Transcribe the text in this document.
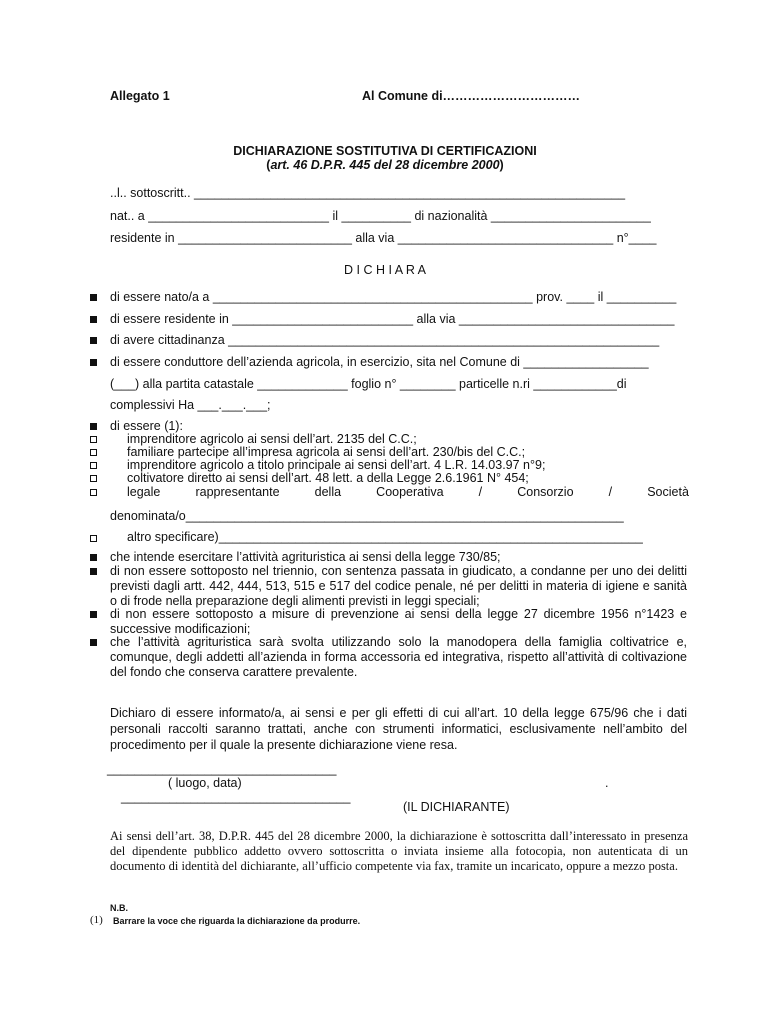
Allegato 1	Al Comune di……………………………
DICHIARAZIONE SOSTITUTIVA DI CERTIFICAZIONI
(art. 46 D.P.R. 445 del 28 dicembre 2000)
..l.. sottoscritt.. ______________________________________________________________
nat.. a __________________________ il __________ di nazionalità _______________________
residente in _________________________ alla via _______________________________ n°____
D I C H I A R A
di essere nato/a a ______________________________________________ prov. ____ il __________
di essere residente in __________________________ alla via _______________________________
di avere cittadinanza ______________________________________________________________
di essere conduttore dell’azienda agricola, in esercizio, sita nel Comune di __________________
(___) alla partita catastale _____________ foglio n° ________ particelle n.ri ____________di
complessivi Ha ___.___.___;
di essere (1):
imprenditore agricolo ai sensi dell’art. 2135 del C.C.;
familiare partecipe all’impresa agricola ai sensi dell’art. 230/bis del C.C.;
imprenditore agricolo a titolo principale ai sensi dell’art. 4 L.R. 14.03.97 n°9;
coltivatore diretto ai sensi dell’art. 48 lett. a della Legge 2.6.1961 N° 454;
legale	rappresentante	della	Cooperativa	/	Consorzio	/	Società
denominata/o_______________________________________________________________
altro specificare)_____________________________________________________________
che intende esercitare l’attività agrituristica ai sensi della legge 730/85;
di non essere sottoposto nel triennio, con sentenza passata in giudicato, a condanne per uno dei delitti previsti dagli artt. 442, 444, 513, 515 e 517 del codice penale, né per delitti in materia di igiene e sanità o di frode nella preparazione degli alimenti previsti in leggi speciali;
di non essere sottoposto a misure di prevenzione ai sensi della legge 27 dicembre 1956 n°1423 e successive modificazioni;
che l’attività agrituristica sarà svolta utilizzando solo la manodopera della famiglia coltivatrice e, comunque, degli addetti all’azienda in forma accessoria ed integrativa, rispetto all’attività di coltivazione del fondo che conserva carattere prevalente.
Dichiaro di essere informato/a, ai sensi e per gli effetti di cui all’art. 10 della legge 675/96 che i dati personali raccolti saranno trattati, anche con strumenti informatici, esclusivamente nell’ambito del procedimento per il quale la presente dichiarazione viene resa.
_________________________________
( luogo, data)	.
_________________________________
(IL DICHIARANTE)
Ai sensi dell’art. 38, D.P.R. 445 del 28 dicembre 2000, la dichiarazione è sottoscritta dall’interessato in presenza del dipendente pubblico addetto ovvero sottoscritta o inviata insieme alla fotocopia, non autenticata di un documento di identità del dichiarante, all’ufficio competente via fax, tramite un incaricato, oppure a mezzo posta.
N.B.
(1) Barrare la voce che riguarda la dichiarazione da produrre.
